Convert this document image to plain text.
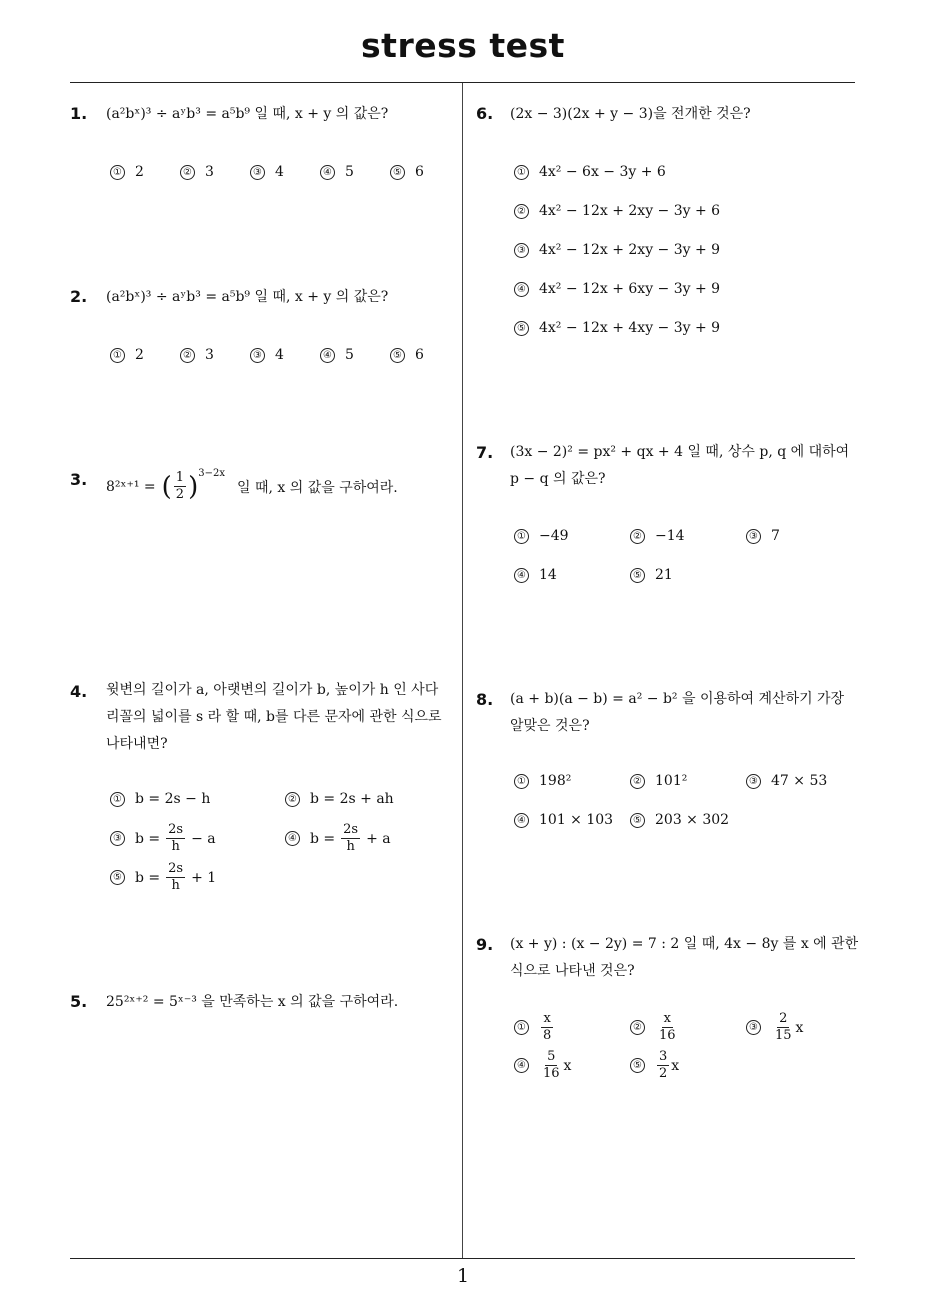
stress test
1
1. (a²bˣ)³ ÷ aʸb³ = a⁵b⁹ 일 때, x + y 의 값은?
① 2	② 3	③ 4	④ 5	⑤ 6
2. (a²bˣ)³ ÷ aʸb³ = a⁵b⁹ 일 때, x + y 의 값은?
① 2	② 3	③ 4	④ 5	⑤ 6
3. 8²ˣ⁺¹ = ( $\frac{1}{2}$ ) 3−2x
일 때, x 의 값을 구하여라.
4. 윗변의 길이가 a, 아랫변의 길이가 b, 높이가 h 인 사다
리꼴의 넓이를 s 라 할 때, b를 다른 문자에 관한 식으로
나타내면?
① b = 2s − h	② b = 2s + ah
③ $b = \frac{2s}{h} - a$	④ $b = \frac{2s}{h} + a$
⑤ $b = \frac{2s}{h} + 1$
5. 25²ˣ⁺² = 5ˣ⁻³ 을 만족하는 x 의 값을 구하여라.
6. (2x − 3)(2x + y − 3)을 전개한 것은?
① 4x² − 6x − 3y + 6
② 4x² − 12x + 2xy − 3y + 6
③ 4x² − 12x + 2xy − 3y + 9
④ 4x² − 12x + 6xy − 3y + 9
⑤ 4x² − 12x + 4xy − 3y + 9
7. (3x − 2)² = px² + qx + 4 일 때, 상수 p, q 에 대하여
p − q 의 값은?
① −49	② −14	③ 7
④ 14	⑤ 21
8. (a + b)(a − b) = a² − b² 을 이용하여 계산하기 가장
알맞은 것은?
① 198²	② 101²	③ 47 × 53
④ 101 × 103	⑤ 203 × 302
9. (x + y) : (x − 2y) = 7 : 2 일 때, 4x − 8y 를 x 에 관한
식으로 나타낸 것은?
① $\frac{x}{8}$	② $\frac{x}{16}$	③ $\frac{2}{15}$ x
④ $\frac{5}{16}$ x	⑤ $\frac{3}{2}$ x
